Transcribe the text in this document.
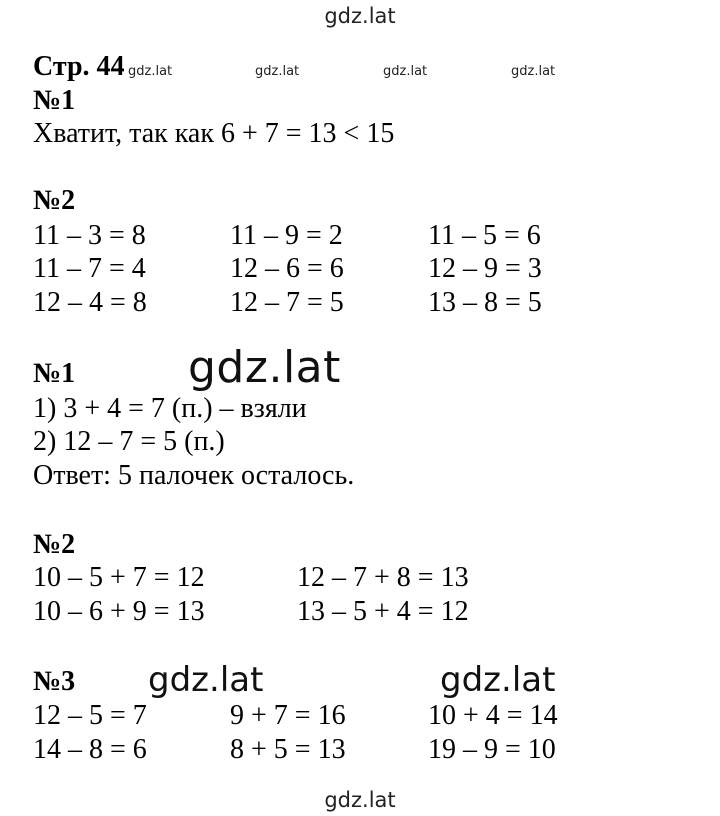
gdz.lat
Стр. 44 gdz.lat	gdz.lat	gdz.lat	gdz.lat
№1
Хватит, так как 6 + 7 = 13 < 15
№2
11 – 3 = 8	11 – 9 = 2	11 – 5 = 6
11 – 7 = 4	12 – 6 = 6	12 – 9 = 3
12 – 4 = 8	12 – 7 = 5	13 – 8 = 5
№1
1) 3 + 4 = 7 (п.) – взяли
2) 12 – 7 = 5 (п.)
Ответ: 5 палочек осталось.
gdz.lat
№2
10 – 5 + 7 = 12	12 – 7 + 8 = 13
10 – 6 + 9 = 13	13 – 5 + 4 = 12
№3 gdz.lat	gdz.lat
12 – 5 = 7	9 + 7 = 16	10 + 4 = 14
14 – 8 = 6	8 + 5 = 13	19 – 9 = 10
gdz.lat
